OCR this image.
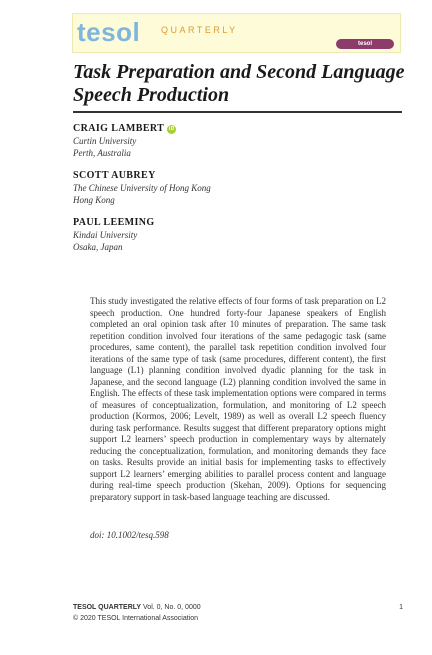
tesol QUARTERLY
tesol
Task Preparation and Second Language Speech Production
CRAIG LAMBERT iD
Curtin University
Perth, Australia
SCOTT AUBREY
The Chinese University of Hong Kong
Hong Kong
PAUL LEEMING
Kindai University
Osaka, Japan

This study investigated the relative effects of four forms of task preparation on L2 speech production. One hundred forty-four Japanese speakers of English completed an oral opinion task after 10 minutes of preparation. The same task repetition condition involved four iterations of the same pedagogic task (same procedures, same content), the parallel task repetition condition involved four iterations of the same type of task (same procedures, different content), the first language (L1) planning condition involved dyadic planning for the task in Japanese, and the second language (L2) planning condition involved the same in English. The effects of these task implementation options were compared in terms of measures of conceptualization, formulation, and monitoring of L2 speech production (Kormos, 2006; Levelt, 1989) as well as overall L2 speech fluency during task performance. Results suggest that different preparatory options might support L2 learners’ speech production in complementary ways by alternately reducing the conceptualization, formulation, and monitoring demands they face on tasks. Results provide an initial basis for implementing tasks to effectively support L2 learners’ emerging abilities to parallel process content and language during real-time speech production (Skehan, 2009). Options for sequencing preparatory support in task-based language teaching are discussed.

doi: 10.1002/tesq.598
TESOL QUARTERLY Vol. 0, No. 0, 0000
© 2020 TESOL International Association
1
